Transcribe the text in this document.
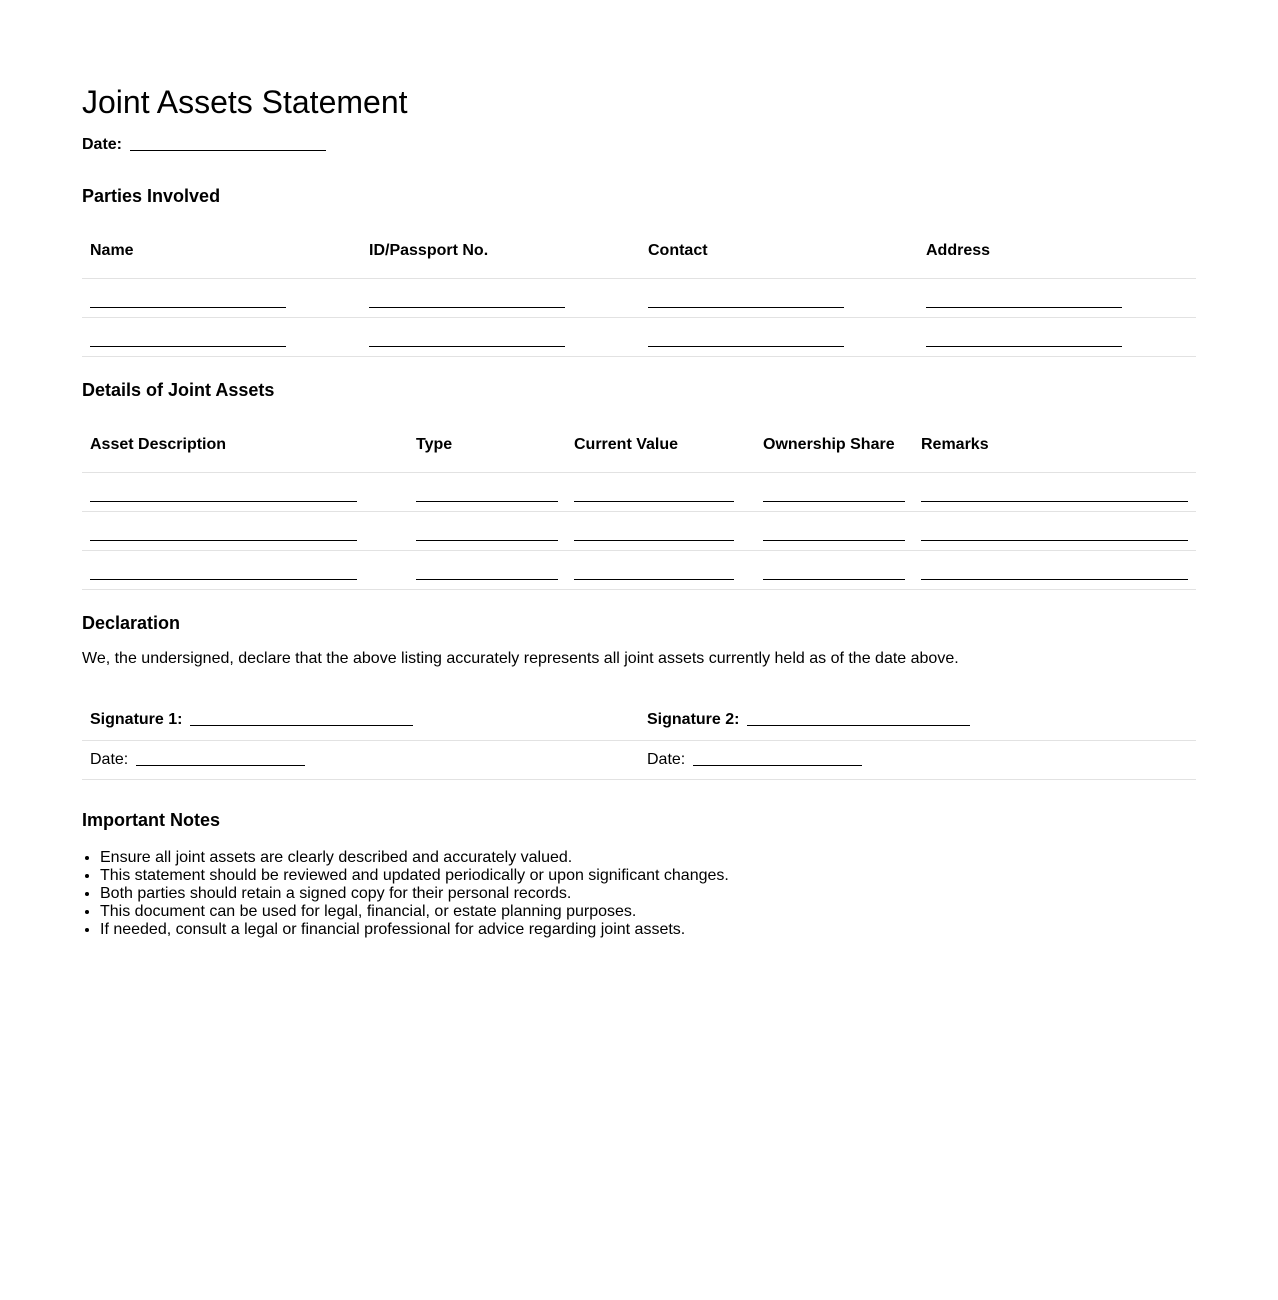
Joint Assets Statement
Date:
Parties Involved
Name	ID/Passport No.	Contact	Address

Details of Joint Assets
Asset Description	Type	Current Value	Ownership Share	Remarks

Declaration

We, the undersigned, declare that the above listing accurately represents all joint assets currently held as of the date above.

Signature 1:	Signature 2:
Date:	Date:
Important Notes
• Ensure all joint assets are clearly described and accurately valued.
• This statement should be reviewed and updated periodically or upon significant changes.
• Both parties should retain a signed copy for their personal records.
• This document can be used for legal, financial, or estate planning purposes.
• If needed, consult a legal or financial professional for advice regarding joint assets.
